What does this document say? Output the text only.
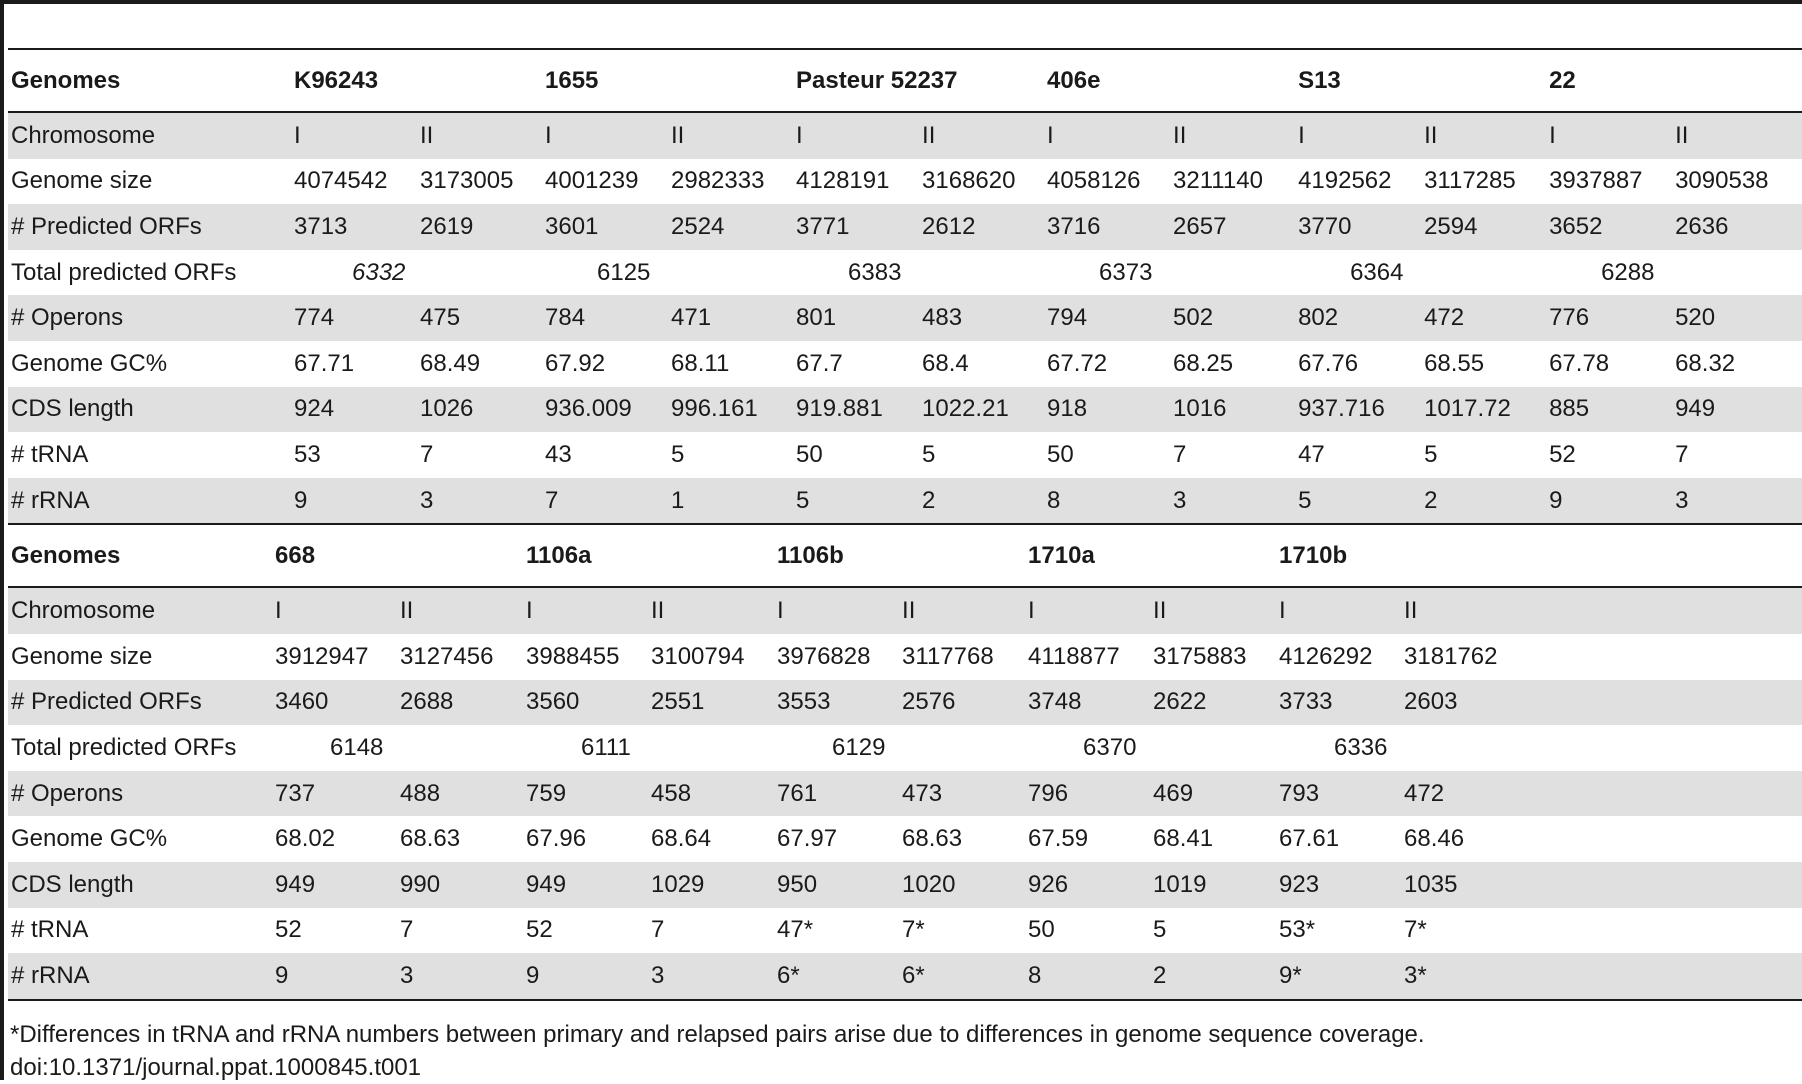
Genomes	K96243		1655		Pasteur 52237		406e		S13		22	
Chromosome	I	II	I	II	I	II	I	II	I	II	I	II
Genome size	4074542	3173005	4001239	2982333	4128191	3168620	4058126	3211140	4192562	3117285	3937887	3090538
# Predicted ORFs	3713	2619	3601	2524	3771	2612	3716	2657	3770	2594	3652	2636
Total predicted ORFs	6332		6125		6383		6373		6364		6288	
# Operons	774	475	784	471	801	483	794	502	802	472	776	520
Genome GC%	67.71	68.49	67.92	68.11	67.7	68.4	67.72	68.25	67.76	68.55	67.78	68.32
CDS length	924	1026	936.009	996.161	919.881	1022.21	918	1016	937.716	1017.72	885	949
# tRNA	53	7	43	5	50	5	50	7	47	5	52	7
# rRNA	9	3	7	1	5	2	8	3	5	2	9	3
Genomes	668		1106a		1106b		1710a		1710b		
Chromosome	I	II	I	II	I	II	I	II	I	II	
Genome size	3912947	3127456	3988455	3100794	3976828	3117768	4118877	3175883	4126292	3181762	
# Predicted ORFs	3460	2688	3560	2551	3553	2576	3748	2622	3733	2603	
Total predicted ORFs	6148		6111		6129		6370		6336		
# Operons	737	488	759	458	761	473	796	469	793	472	
Genome GC%	68.02	68.63	67.96	68.64	67.97	68.63	67.59	68.41	67.61	68.46	
CDS length	949	990	949	1029	950	1020	926	1019	923	1035	
# tRNA	52	7	52	7	47*	7*	50	5	53*	7*	
# rRNA	9	3	9	3	6*	6*	8	2	9*	3*	
*Differences in tRNA and rRNA numbers between primary and relapsed pairs arise due to differences in genome sequence coverage.
doi:10.1371/journal.ppat.1000845.t001
